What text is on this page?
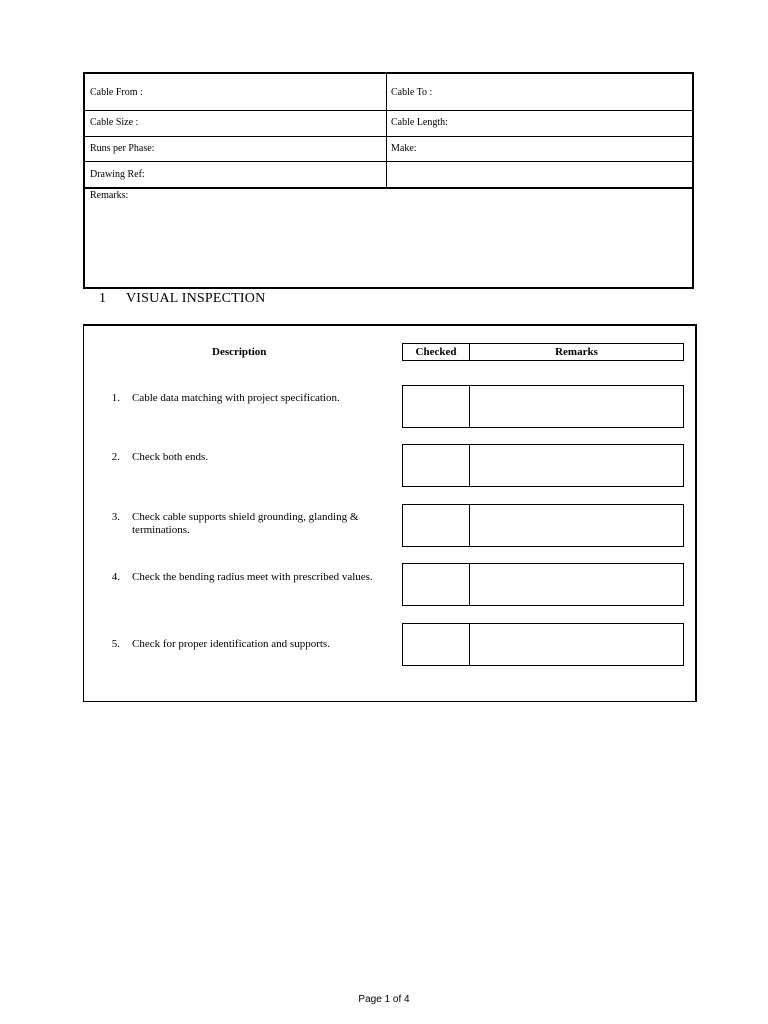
Cable From :	Cable To :
Cable Size :	Cable Length:
Runs per Phase:	Make:
Drawing Ref:
Remarks:
1 VISUAL INSPECTION
Description	Checked	Remarks
1. Cable data matching with project specification.
2. Check both ends.
3. Check cable supports shield grounding, glanding & terminations.
4. Check the bending radius meet with prescribed values.
5. Check for proper identification and supports.
Page 1 of 4
